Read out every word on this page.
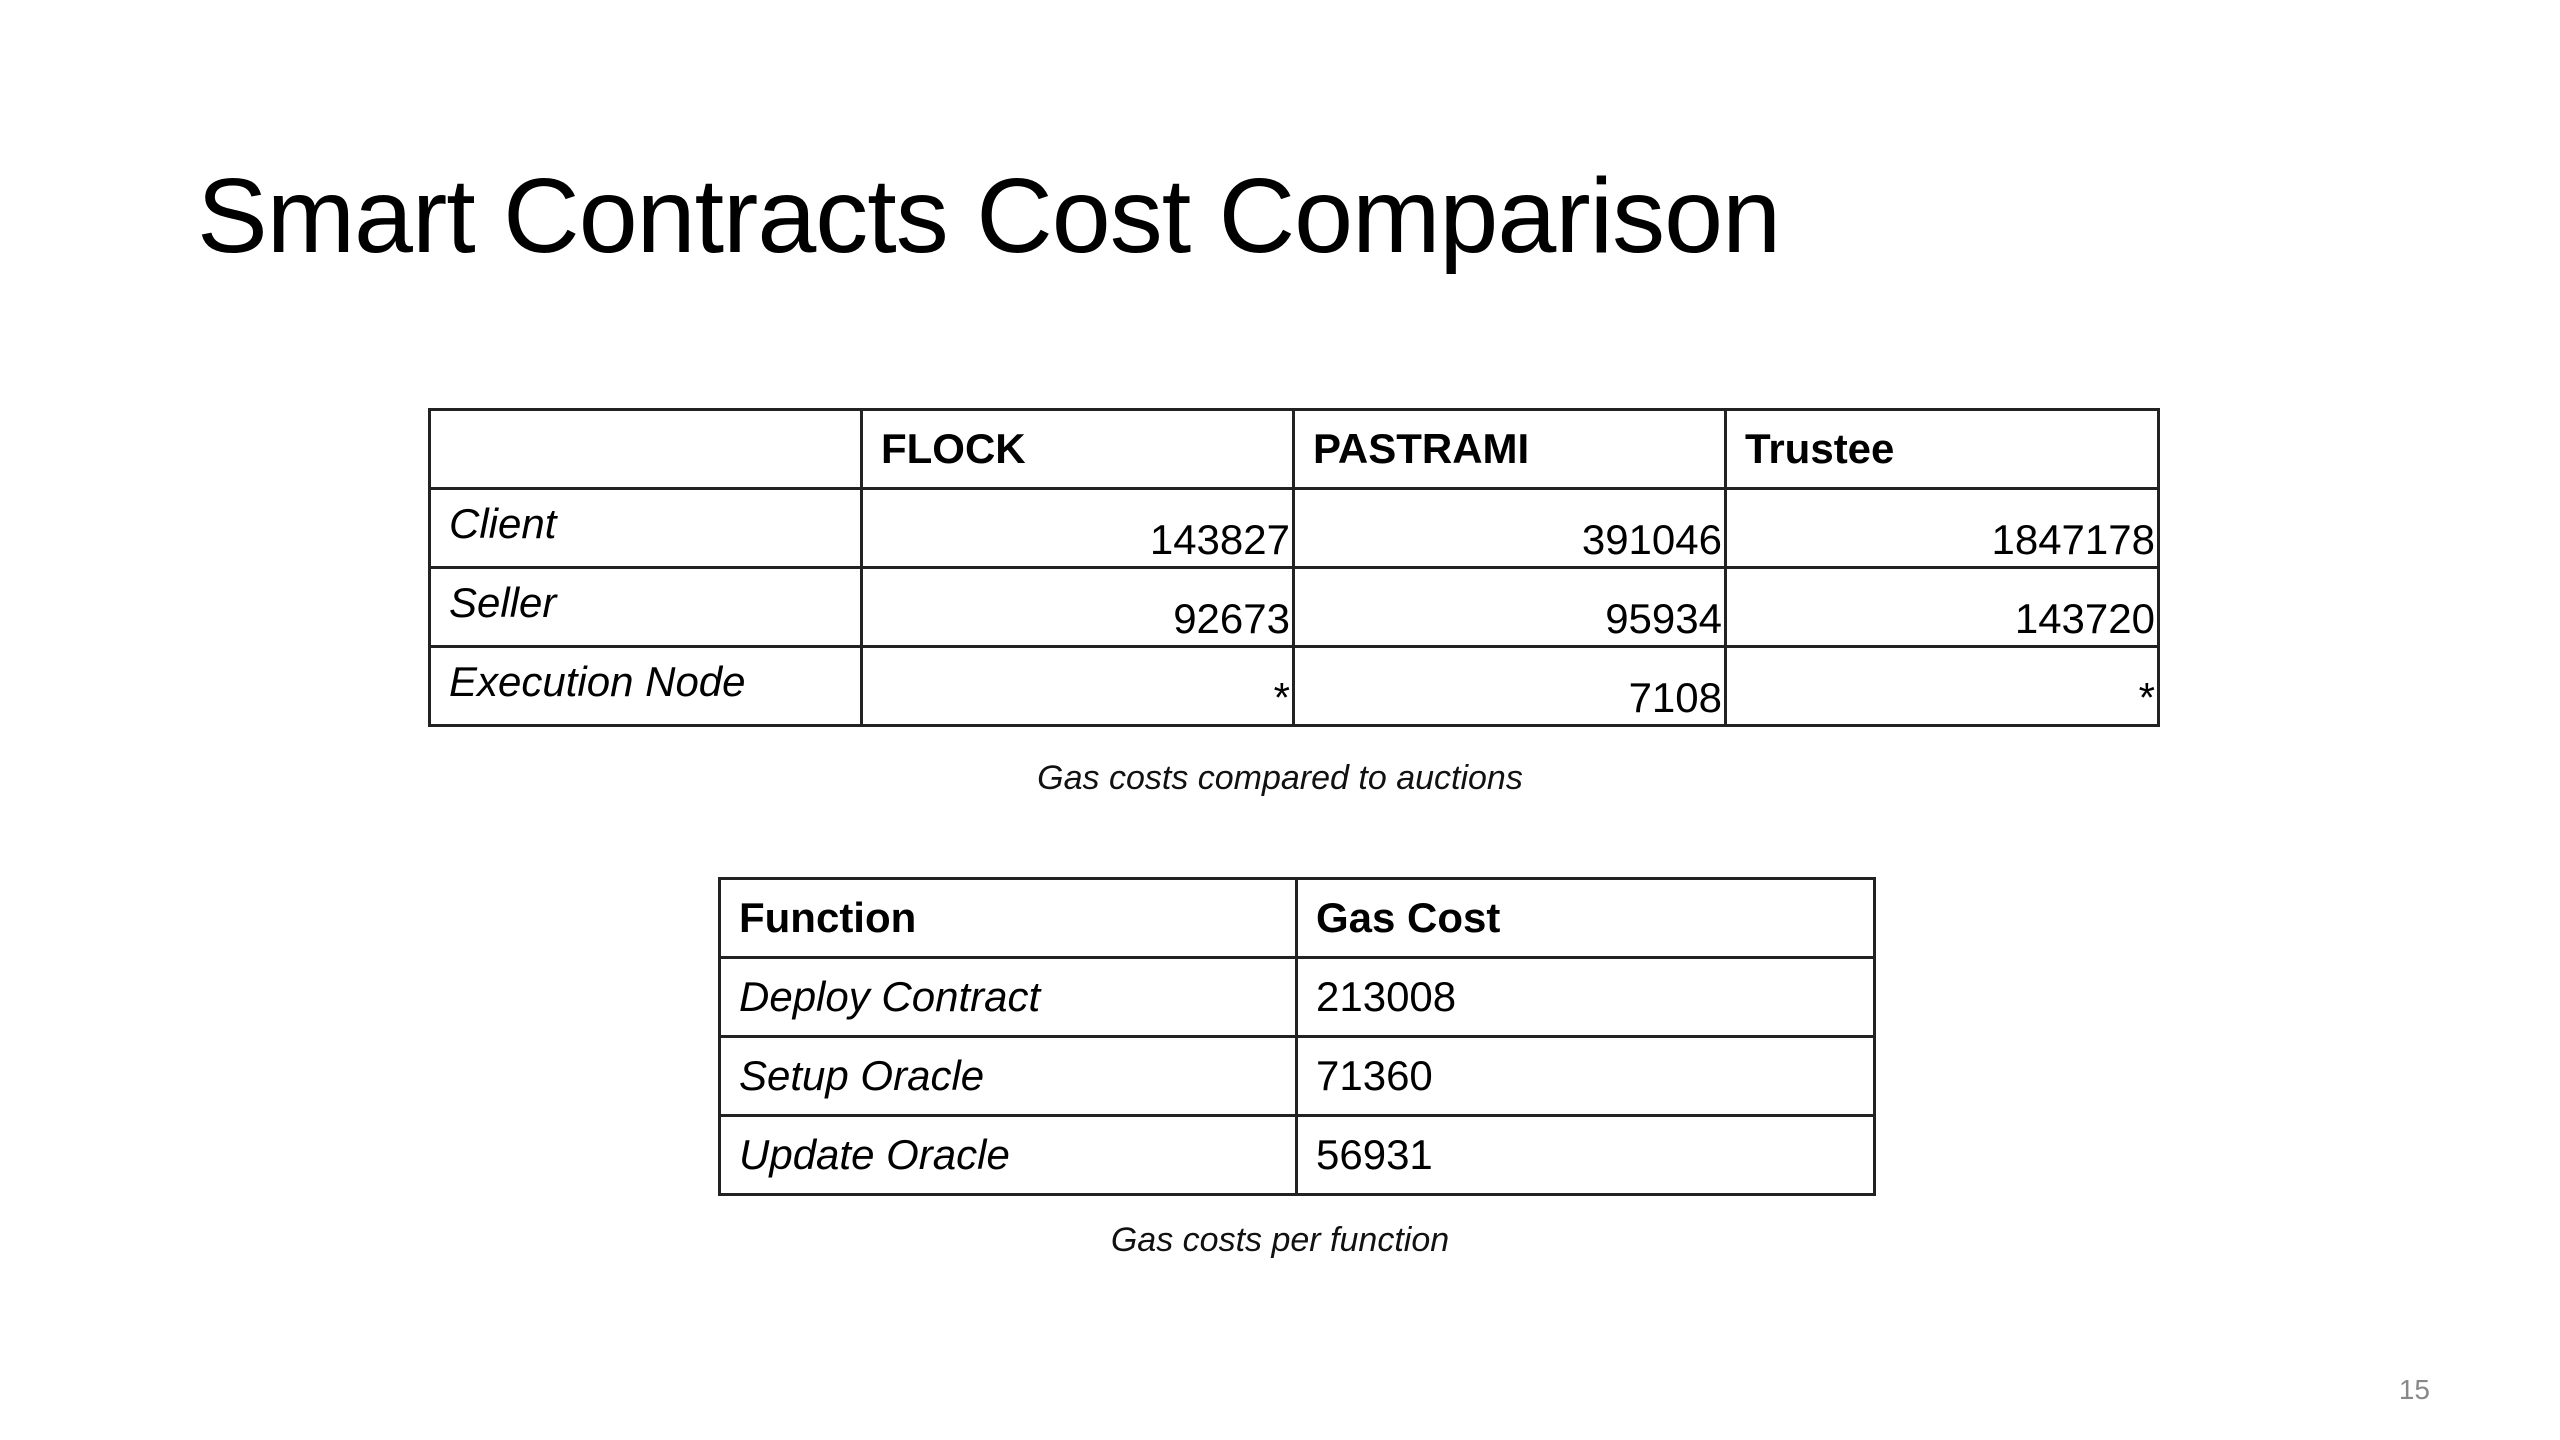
Smart Contracts Cost Comparison
	FLOCK	PASTRAMI	Trustee
Client	143827	391046	1847178
Seller	92673	95934	143720
Execution Node	*	7108	*
Gas costs compared to auctions
Function	Gas Cost
Deploy Contract	213008
Setup Oracle	71360
Update Oracle	56931
Gas costs per function
15
